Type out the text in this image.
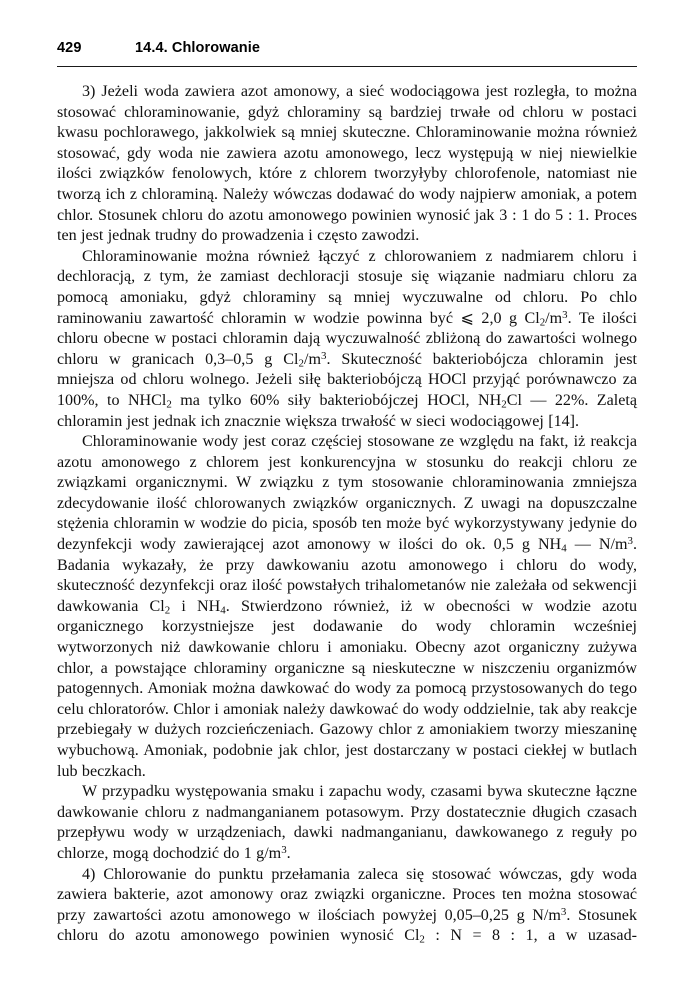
429	14.4. Chlorowanie

3) Jeżeli woda zawiera azot amonowy, a sieć wodociągowa jest rozległa, to można stosować chloraminowanie, gdyż chloraminy są bardziej trwałe od chloru w postaci kwasu pochlorawego, jakkolwiek są mniej skuteczne. Chloraminowanie można również stosować, gdy woda nie zawiera azotu amonowego, lecz występują w niej niewielkie ilości związków fenolowych, które z chlorem tworzyłyby chloro​fenole, natomiast nie tworzą ich z chloraminą. Należy wówczas dodawać do wody najpierw amoniak, a potem chlor. Stosunek chloru do azotu amonowego powinien wynosić jak 3 : 1 do 5 : 1. Proces ten jest jednak trudny do prowadzenia i często zawodzi.

Chloraminowanie można również łączyć z chlorowaniem z nadmiarem chloru i dechloracją, z tym, że zamiast dechloracji stosuje się wiązanie nadmiaru chloru za pomocą amoniaku, gdyż chloraminy są mniej wyczuwalne od chloru. Po chlo​raminowaniu zawartość chloramin w wodzie powinna być ⩽ 2,0 g $Cl_2/m^3$. Te ilości chloru obecne w postaci chloramin dają wyczuwalność zbliżoną do zawartości wolnego chloru w granicach 0,3–0,5 g $Cl_2/m^3$. Skuteczność bakteriobójcza chlo​ramin jest mniejsza od chloru wolnego. Jeżeli siłę bakteriobójczą HOCl przyjąć porównawczo za 100%, to NHCl$_2$ ma tylko 60% siły bakteriobójczej HOCl, $NH_2Cl$ — 22%. Zaletą chloramin jest jednak ich znacznie większa trwałość w sieci wodociągowej [14].

Chloraminowanie wody jest coraz częściej stosowane ze względu na fakt, iż reakcja azotu amonowego z chlorem jest konkurencyjna w stosunku do reakcji chloru ze związkami organicznymi. W związku z tym stosowanie chloraminowania zmniejsza zdecydowanie ilość chlorowanych związków organicznych. Z uwagi na dopuszczalne stężenia chloramin w wodzie do picia, sposób ten może być wykorzys​tywany jedynie do dezynfekcji wody zawierającej azot amonowy w ilości do ok. 0,5 g $NH_4$ — $N/m^3$. Badania wykazały, że przy dawkowaniu azotu amonowego i chloru do wody, skuteczność dezynfekcji oraz ilość powstałych trihalometanów nie zależała od sekwencji dawkowania $Cl_2$ i $NH_4$. Stwierdzono również, iż w obecności w wodzie azotu organicznego korzystniejsze jest dodawanie do wody chloramin wcześniej wytworzonych niż dawkowanie chloru i amoniaku. Obecny azot organiczny zużywa chlor, a powstające chloraminy organiczne są nieskuteczne w niszczeniu organizmów patogennych. Amoniak można dawkować do wody za pomocą przystosowanych do tego celu chloratorów. Chlor i amoniak należy dawkować do wody oddzielnie, tak aby reakcje przebiegały w dużych rozcieńczeniach. Gazowy chlor z amoniakiem tworzy mieszaninę wybuchową. Amoniak, podobnie jak chlor, jest dostarczany w postaci ciekłej w butlach lub beczkach.

W przypadku występowania smaku i zapachu wody, czasami bywa skuteczne łączne dawkowanie chloru z nadmanganianem potasowym. Przy dostatecznie długich czasach przepływu wody w urządzeniach, dawki nadmanganianu, daw​kowanego z reguły po chlorze, mogą dochodzić do 1 $g/m^3$.

4) Chlorowanie do punktu przełamania zaleca się stosować wówczas, gdy woda zawiera bakterie, azot amonowy oraz związki organiczne. Proces ten można stosować przy zawartości azotu amonowego w ilościach powyżej 0,05–0,25 g $N/m^3$. Stosunek chloru do azotu amonowego powinien wynosić $Cl_2$ : N = 8 : 1, a w uzasad-
